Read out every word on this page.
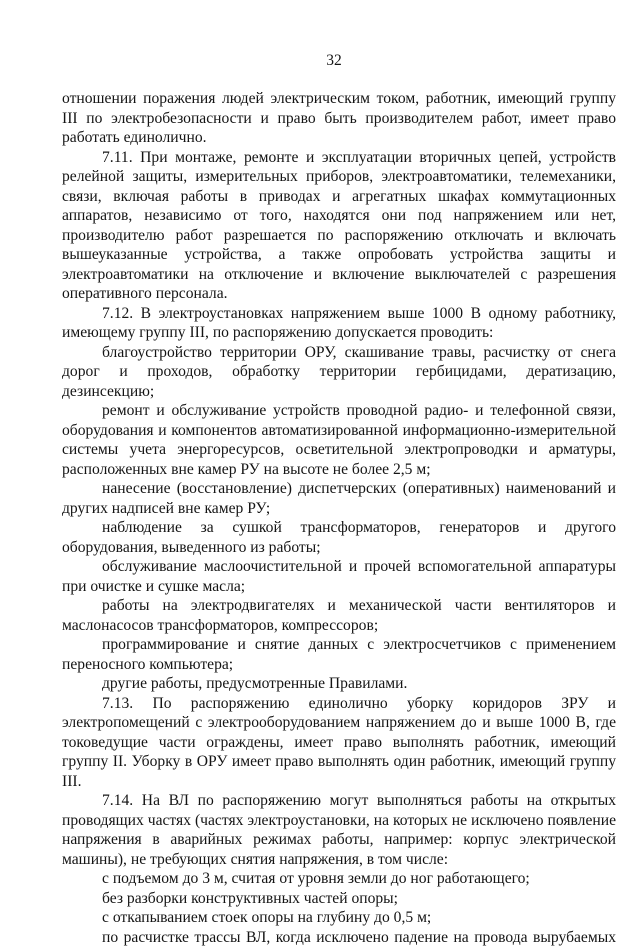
32

отношении поражения людей электрическим током, работник, имеющий группу III по электробезопасности и право быть производителем работ, имеет право работать единолично.

7.11. При монтаже, ремонте и эксплуатации вторичных цепей, устройств релейной защиты, измерительных приборов, электроавтоматики, телемеханики, связи, включая работы в приводах и агрегатных шкафах коммутационных аппаратов, независимо от того, находятся они под напряжением или нет, производителю работ разрешается по распоряжению отключать и включать вышеуказанные устройства, а также опробовать устройства защиты и электроавтоматики на отключение и включение выключателей с разрешения оперативного персонала.

7.12. В электроустановках напряжением выше 1000 В одному работнику, имеющему группу III, по распоряжению допускается проводить:

благоустройство территории ОРУ, скашивание травы, расчистку от снега дорог и проходов, обработку территории гербицидами, дератизацию, дезинсекцию;

ремонт и обслуживание устройств проводной радио- и телефонной связи, оборудования и компонентов автоматизированной информационно-измерительной системы учета энергоресурсов, осветительной электропроводки и арматуры, расположенных вне камер РУ на высоте не более 2,5 м;

нанесение (восстановление) диспетчерских (оперативных) наименований и других надписей вне камер РУ;

наблюдение за сушкой трансформаторов, генераторов и другого оборудования, выведенного из работы;

обслуживание маслоочистительной и прочей вспомогательной аппаратуры при очистке и сушке масла;

работы на электродвигателях и механической части вентиляторов и маслонасосов трансформаторов, компрессоров;

программирование и снятие данных с электросчетчиков с применением переносного компьютера;

другие работы, предусмотренные Правилами.

7.13. По распоряжению единолично уборку коридоров ЗРУ и электропомещений с электрооборудованием напряжением до и выше 1000 В, где токоведущие части ограждены, имеет право выполнять работник, имеющий группу II. Уборку в ОРУ имеет право выполнять один работник, имеющий группу III.

7.14. На ВЛ по распоряжению могут выполняться работы на открытых проводящих частях (частях электроустановки, на которых не исключено появление напряжения в аварийных режимах работы, например: корпус электрической машины), не требующих снятия напряжения, в том числе:

с подъемом до 3 м, считая от уровня земли до ног работающего;

без разборки конструктивных частей опоры;

с откапыванием стоек опоры на глубину до 0,5 м;

по расчистке трассы ВЛ, когда исключено падение на провода вырубаемых
